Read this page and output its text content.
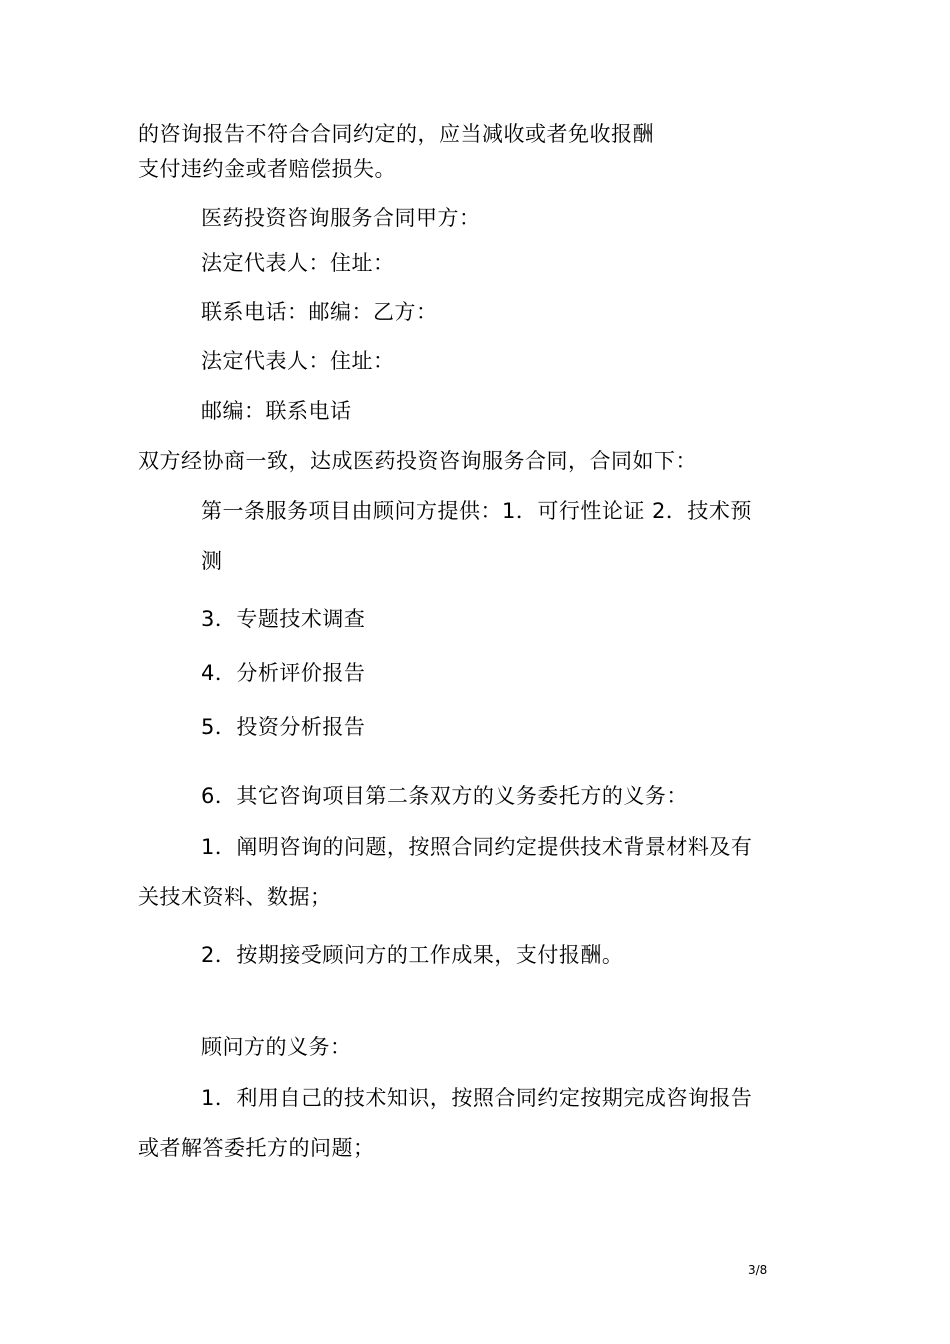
的咨询报告不符合合同约定的，应当减收或者免收报酬
支付违约金或者赔偿损失。
医药投资咨询服务合同甲方：
法定代表人：住址：
联系电话：邮编：乙方：
法定代表人：住址：
邮编：联系电话
双方经协商一致，达成医药投资咨询服务合同，合同如下：
第一条服务项目由顾问方提供：1．可行性论证 2．技术预
测
3．专题技术调查
4．分析评价报告
5．投资分析报告
6．其它咨询项目第二条双方的义务委托方的义务：
1．阐明咨询的问题，按照合同约定提供技术背景材料及有
关技术资料、数据；
2．按期接受顾问方的工作成果，支付报酬。
顾问方的义务：
1．利用自己的技术知识，按照合同约定按期完成咨询报告
或者解答委托方的问题；
3/8
